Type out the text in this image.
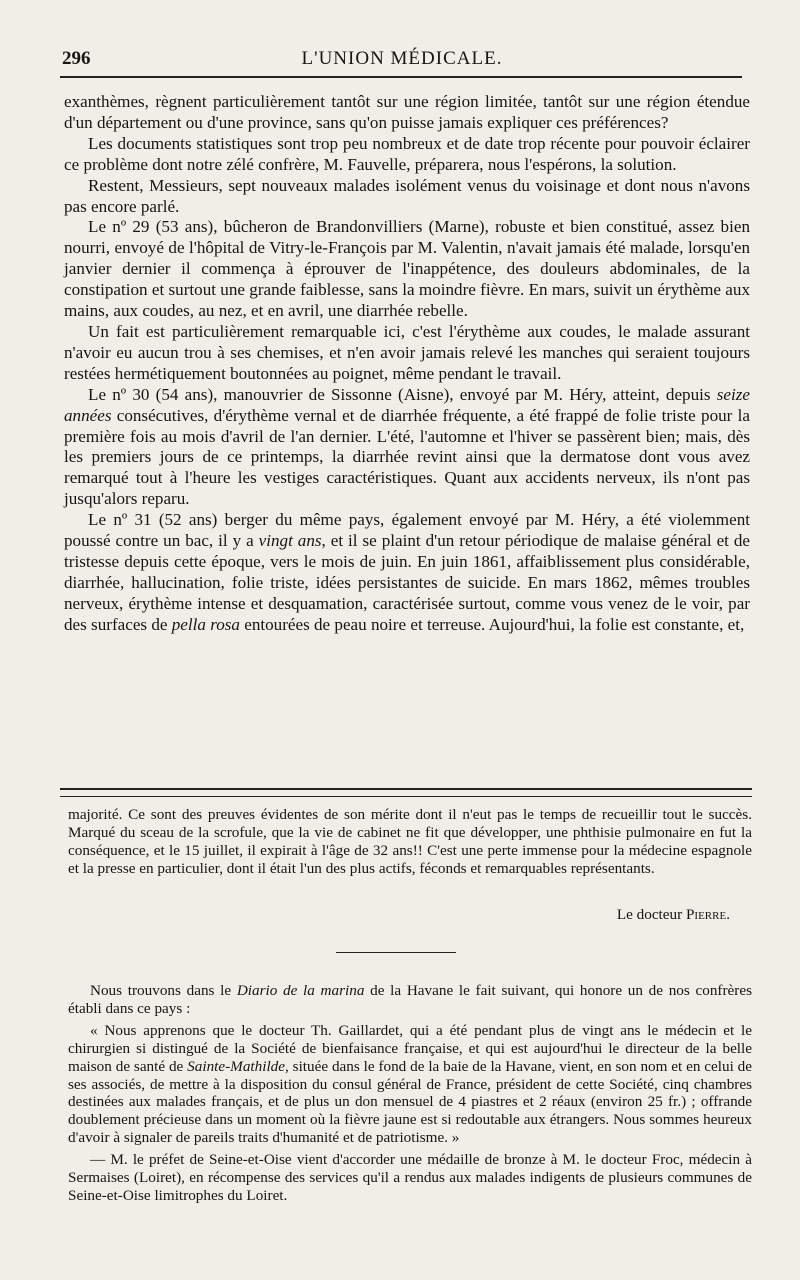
296	L'UNION MÉDICALE.

exanthèmes, règnent particulièrement tantôt sur une région limitée, tantôt sur une région étendue d'un département ou d'une province, sans qu'on puisse jamais expliquer ces préférences?

Les documents statistiques sont trop peu nombreux et de date trop récente pour pouvoir éclairer ce problème dont notre zélé confrère, M. Fauvelle, préparera, nous l'espérons, la solution.

Restent, Messieurs, sept nouveaux malades isolément venus du voisinage et dont nous n'avons pas encore parlé.

Le nº 29 (53 ans), bûcheron de Brandonvilliers (Marne), robuste et bien constitué, assez bien nourri, envoyé de l'hôpital de Vitry-le-François par M. Valentin, n'avait jamais été malade, lorsqu'en janvier dernier il commença à éprouver de l'inappétence, des douleurs abdominales, de la constipation et surtout une grande faiblesse, sans la moindre fièvre. En mars, suivit un érythème aux mains, aux coudes, au nez, et en avril, une diarrhée rebelle.

Un fait est particulièrement remarquable ici, c'est l'érythème aux coudes, le malade assurant n'avoir eu aucun trou à ses chemises, et n'en avoir jamais relevé les manches qui seraient toujours restées hermétiquement boutonnées au poignet, même pendant le travail.

Le nº 30 (54 ans), manouvrier de Sissonne (Aisne), envoyé par M. Héry, atteint, depuis seize années consécutives, d'érythème vernal et de diarrhée fréquente, a été frappé de folie triste pour la première fois au mois d'avril de l'an dernier. L'été, l'automne et l'hiver se passèrent bien; mais, dès les premiers jours de ce printemps, la diarrhée revint ainsi que la dermatose dont vous avez remarqué tout à l'heure les vestiges caractéristiques. Quant aux accidents nerveux, ils n'ont pas jusqu'alors reparu.

Le nº 31 (52 ans) berger du même pays, également envoyé par M. Héry, a été violemment poussé contre un bac, il y a vingt ans, et il se plaint d'un retour périodique de malaise général et de tristesse depuis cette époque, vers le mois de juin. En juin 1861, affaiblissement plus considérable, diarrhée, hallucination, folie triste, idées persistantes de suicide. En mars 1862, mêmes troubles nerveux, érythème intense et desquamation, caractérisée surtout, comme vous venez de le voir, par des surfaces de pella rosa entourées de peau noire et terreuse. Aujourd'hui, la folie est constante, et,

majorité. Ce sont des preuves évidentes de son mérite dont il n'eut pas le temps de recueillir tout le succès. Marqué du sceau de la scrofule, que la vie de cabinet ne fit que développer, une phthisie pulmonaire en fut la conséquence, et le 15 juillet, il expirait à l'âge de 32 ans!! C'est une perte immense pour la médecine espagnole et la presse en particulier, dont il était l'un des plus actifs, féconds et remarquables représentants.

Le docteur Pierre.

Nous trouvons dans le Diario de la marina de la Havane le fait suivant, qui honore un de nos confrères établi dans ce pays :

« Nous apprenons que le docteur Th. Gaillardet, qui a été pendant plus de vingt ans le médecin et le chirurgien si distingué de la Société de bienfaisance française, et qui est aujourd'hui le directeur de la belle maison de santé de Sainte-Mathilde, située dans le fond de la baie de la Havane, vient, en son nom et en celui de ses associés, de mettre à la disposition du consul général de France, président de cette Société, cinq chambres destinées aux malades français, et de plus un don mensuel de 4 piastres et 2 réaux (environ 25 fr.) ; offrande doublement précieuse dans un moment où la fièvre jaune est si redoutable aux étrangers. Nous sommes heureux d'avoir à signaler de pareils traits d'humanité et de patriotisme. »

— M. le préfet de Seine-et-Oise vient d'accorder une médaille de bronze à M. le docteur Froc, médecin à Sermaises (Loiret), en récompense des services qu'il a rendus aux malades indigents de plusieurs communes de Seine-et-Oise limitrophes du Loiret.
